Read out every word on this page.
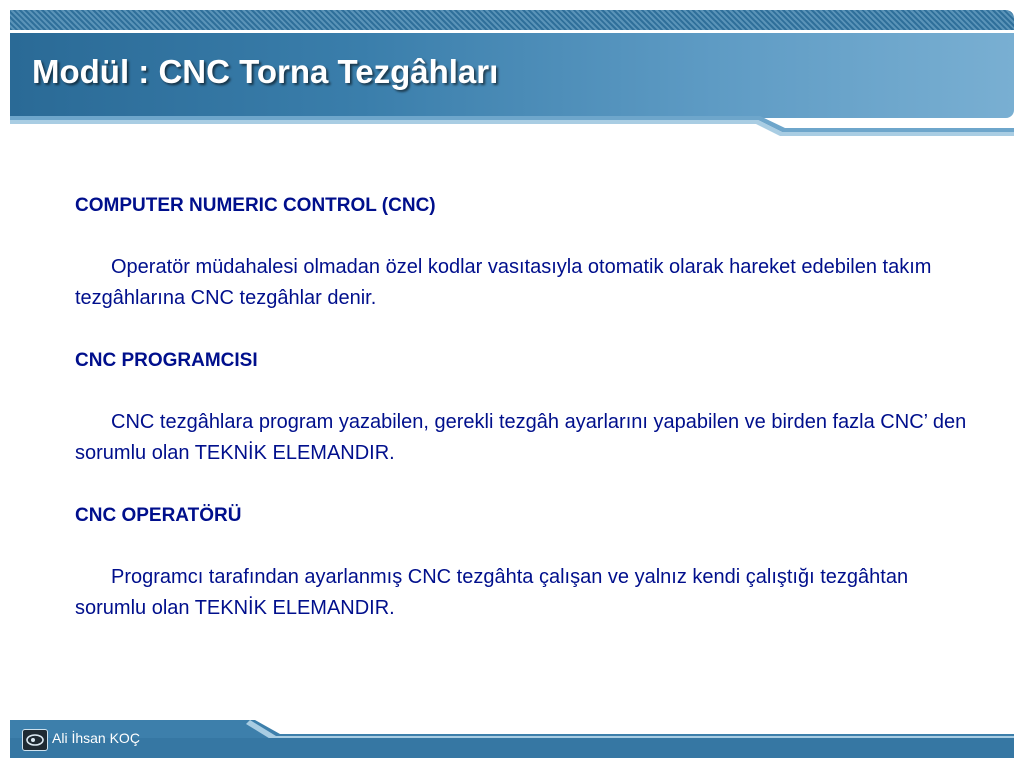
Modül : CNC Torna Tezgâhları

COMPUTER NUMERIC CONTROL (CNC)

Operatör müdahalesi olmadan özel kodlar vasıtasıyla otomatik olarak hareket edebilen takım tezgâhlarına CNC tezgâhlar denir.

CNC PROGRAMCISI

CNC tezgâhlara program yazabilen, gerekli tezgâh ayarlarını yapabilen ve birden fazla CNC’ den sorumlu olan TEKNİK ELEMANDIR.

CNC OPERATÖRÜ

Programcı tarafından ayarlanmış CNC tezgâhta çalışan ve yalnız kendi çalıştığı tezgâhtan sorumlu olan TEKNİK ELEMANDIR.

Ali İhsan KOÇ
